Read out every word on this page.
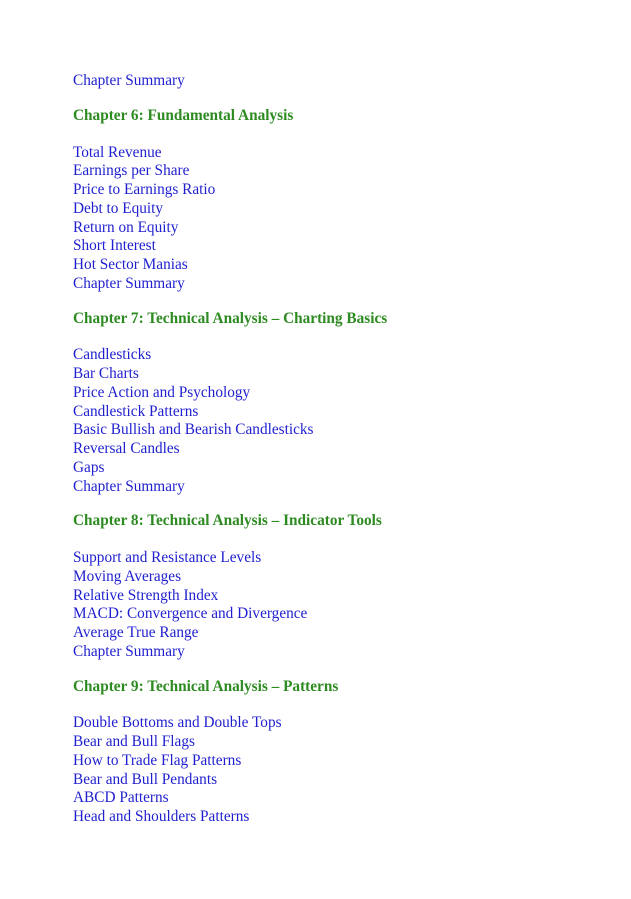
Chapter Summary
Chapter 6: Fundamental Analysis
Total Revenue
Earnings per Share
Price to Earnings Ratio
Debt to Equity
Return on Equity
Short Interest
Hot Sector Manias
Chapter Summary
Chapter 7: Technical Analysis – Charting Basics
Candlesticks
Bar Charts
Price Action and Psychology
Candlestick Patterns
Basic Bullish and Bearish Candlesticks
Reversal Candles
Gaps
Chapter Summary
Chapter 8: Technical Analysis – Indicator Tools
Support and Resistance Levels
Moving Averages
Relative Strength Index
MACD: Convergence and Divergence
Average True Range
Chapter Summary
Chapter 9: Technical Analysis – Patterns
Double Bottoms and Double Tops
Bear and Bull Flags
How to Trade Flag Patterns
Bear and Bull Pendants
ABCD Patterns
Head and Shoulders Patterns
